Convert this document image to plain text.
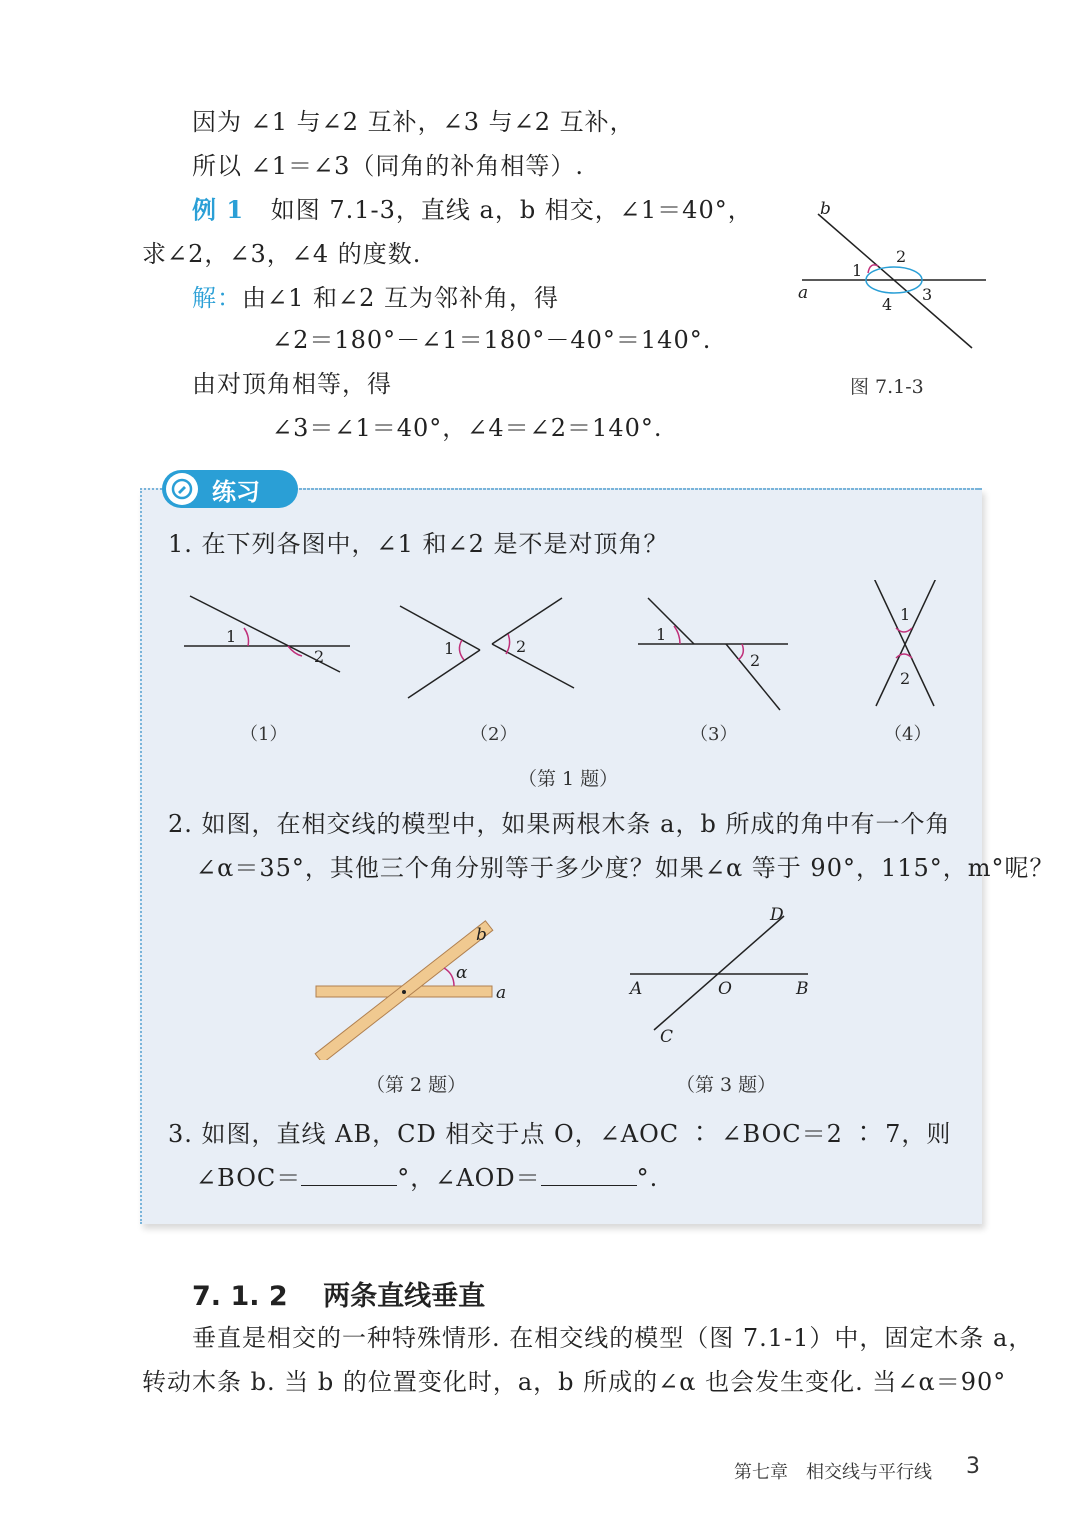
因为 ∠1 与∠2 互补，∠3 与∠2 互补，
所以 ∠1＝∠3（同角的补角相等）.
例 1 如图 7.1-3，直线 a，b 相交，∠1＝40°，
求∠2，∠3，∠4 的度数.
解：由∠1 和∠2 互为邻补角，得
∠2＝180°－∠1＝180°－40°＝140°.
由对顶角相等，得
∠3＝∠1＝40°，∠4＝∠2＝140°.
b
a
1
2
3
4
图 7.1-3
练习
1. 在下列各图中，∠1 和∠2 是不是对顶角？
1
2	1	2
1
2
1
2
（1）	（2）	（3）	（4）
（第 1 题）
2. 如图，在相交线的模型中，如果两根木条 a，b 所成的角中有一个角
∠α＝35°，其他三个角分别等于多少度？如果∠α 等于 90°，115°，m°呢？
α
b
a
（第 2 题）
A	O	B
C
D
（第 3 题）
3. 如图，直线 AB，CD 相交于点 O，∠AOC ∶ ∠BOC＝2 ∶ 7，则
∠BOC＝	°，∠AOD＝	°.
7. 1. 2 两条直线垂直
垂直是相交的一种特殊情形. 在相交线的模型（图 7.1-1）中，固定木条 a，
转动木条 b. 当 b 的位置变化时，a，b 所成的∠α 也会发生变化. 当∠α＝90°
第七章　相交线与平行线 3
